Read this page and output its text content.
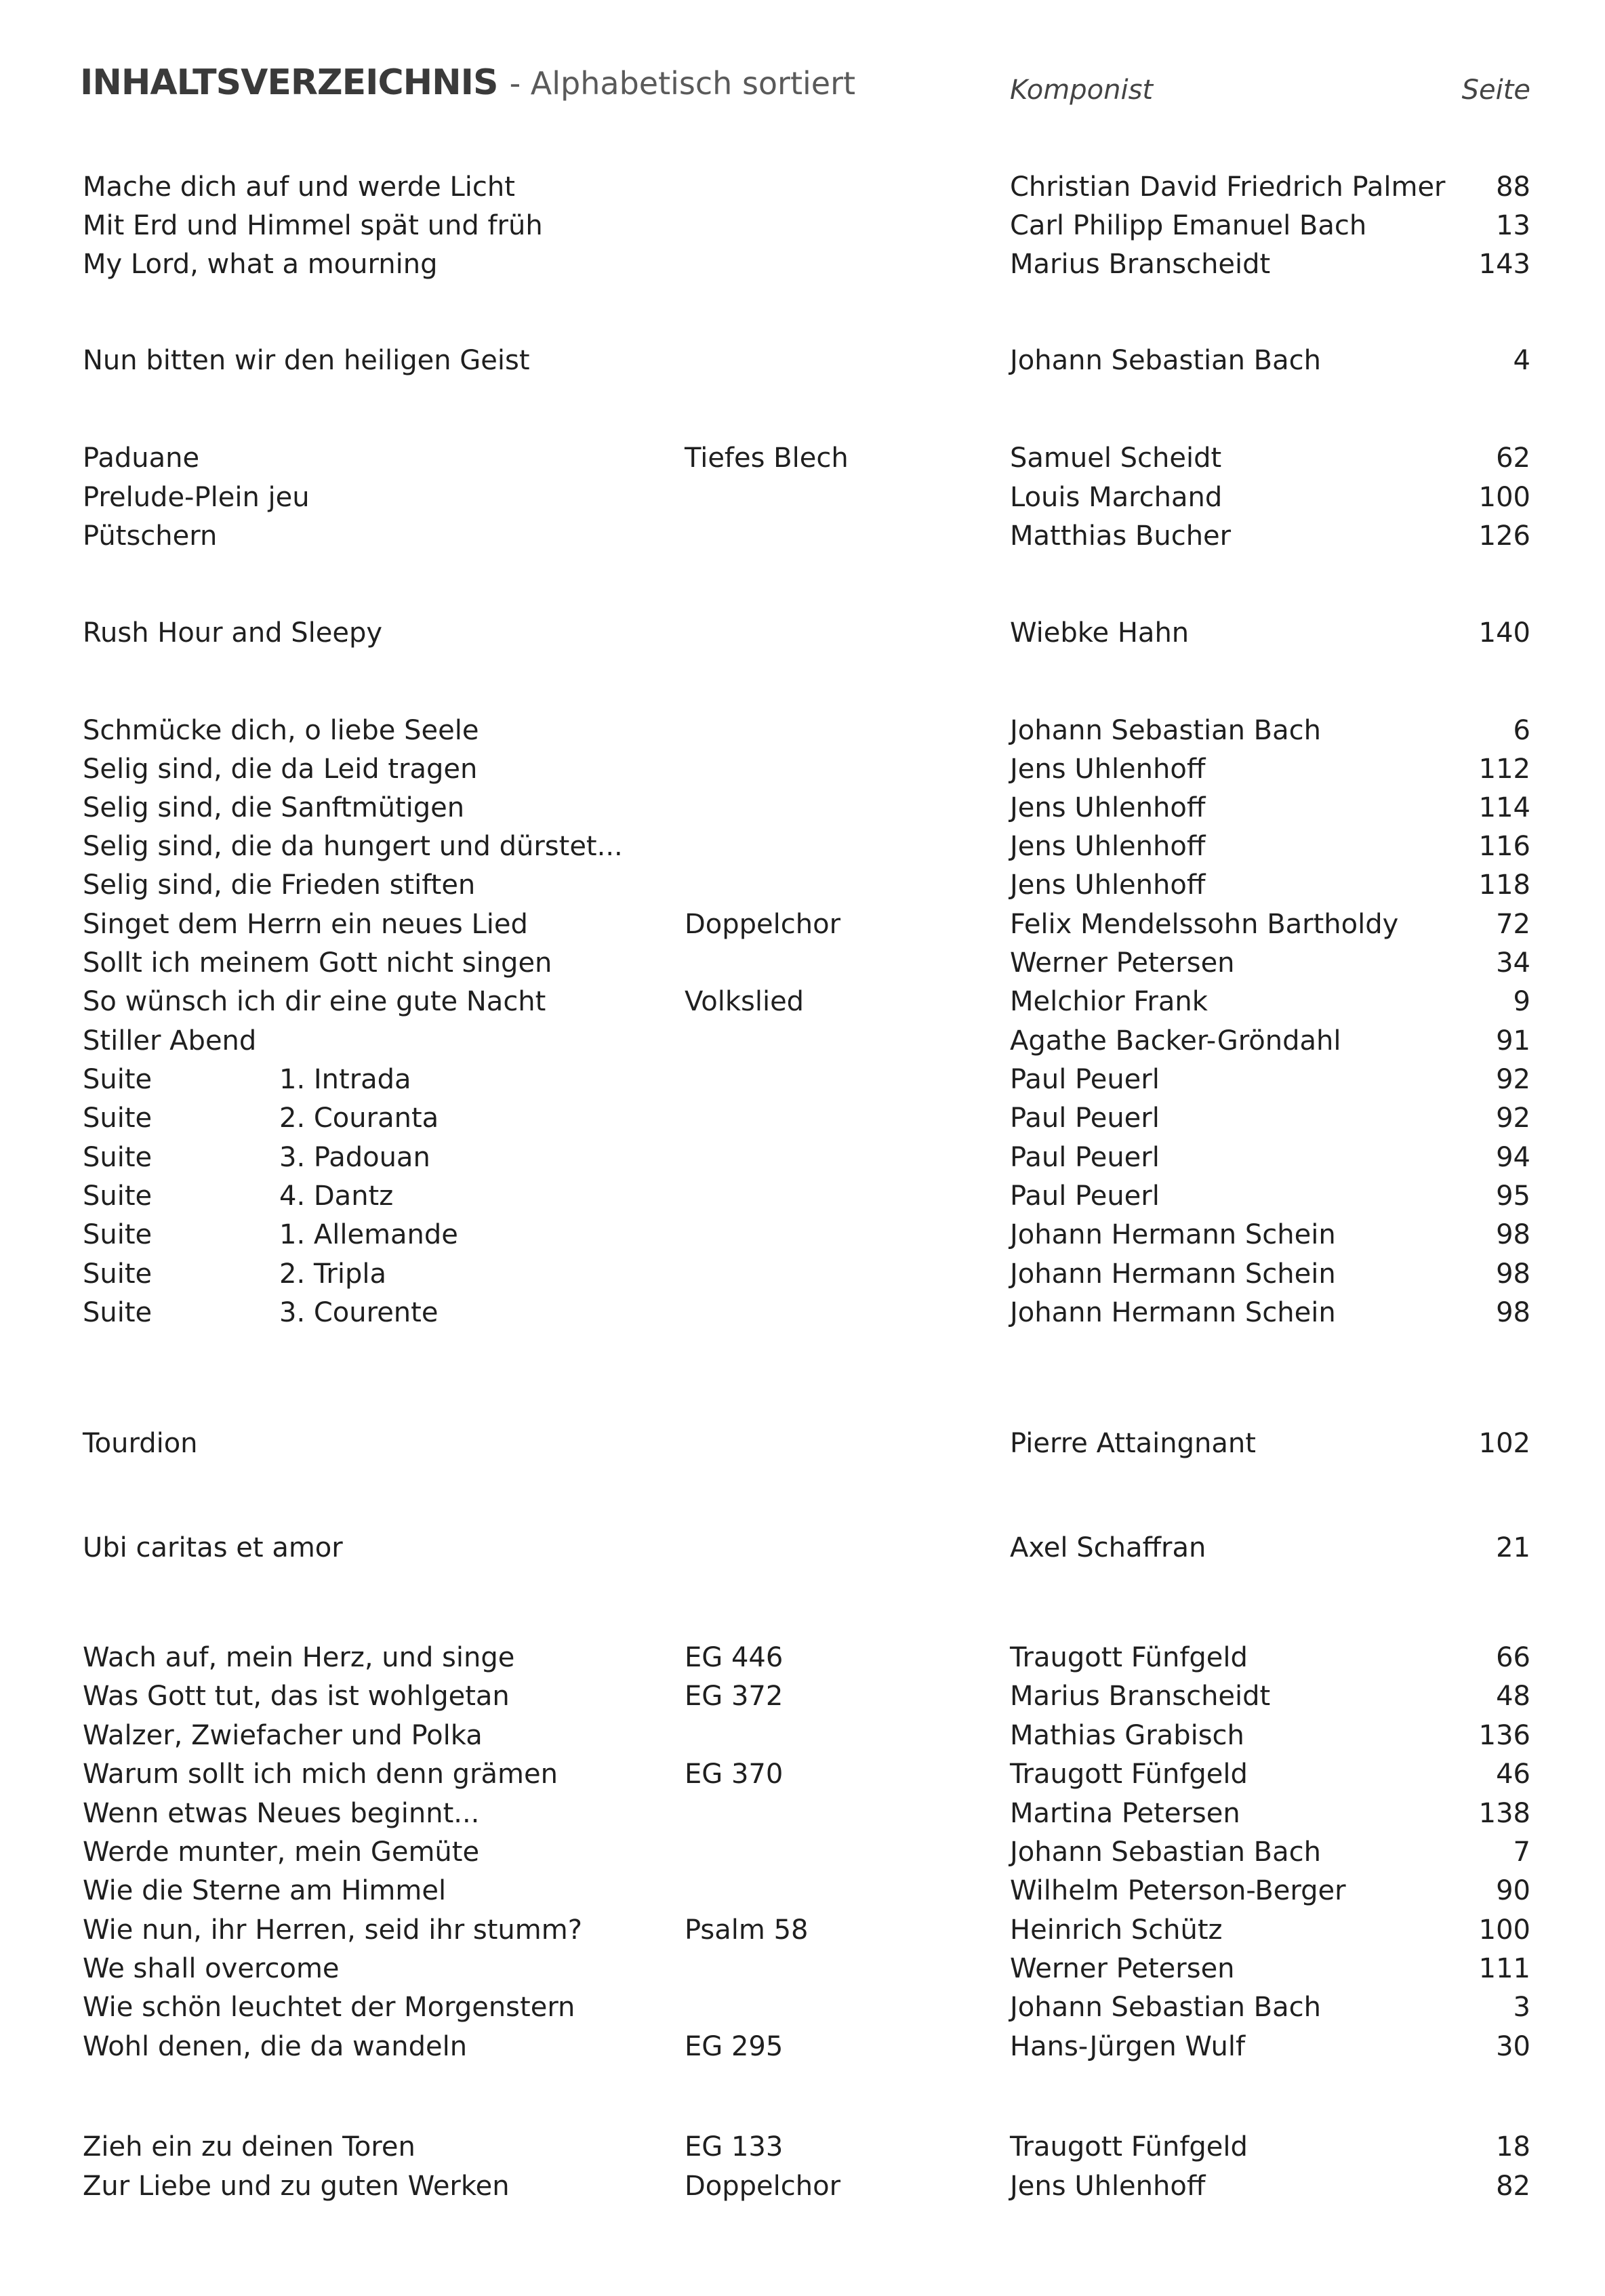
INHALTSVERZEICHNIS - Alphabetisch sortiert	Komponist	Seite
Mache dich auf und werde Licht	Christian David Friedrich Palmer 88
Mit Erd und Himmel spät und früh	Carl Philipp Emanuel Bach	13
My Lord, what a mourning	Marius Branscheidt	143
Nun bitten wir den heiligen Geist	Johann Sebastian Bach	4
Paduane	Tiefes Blech	Samuel Scheidt	62
Prelude-Plein jeu	Louis Marchand	100
Pütschern	Matthias Bucher	126
Rush Hour and Sleepy	Wiebke Hahn	140
Schmücke dich, o liebe Seele	Johann Sebastian Bach	6
Selig sind, die da Leid tragen	Jens Uhlenhoff	112
Selig sind, die Sanftmütigen	Jens Uhlenhoff	114
Selig sind, die da hungert und dürstet...	Jens Uhlenhoff	116
Selig sind, die Frieden stiften	Jens Uhlenhoff	118
Singet dem Herrn ein neues Lied	Doppelchor	Felix Mendelssohn Bartholdy	72
Sollt ich meinem Gott nicht singen	Werner Petersen	34
So wünsch ich dir eine gute Nacht	Volkslied	Melchior Frank	9
Stiller Abend	Agathe Backer-Gröndahl	91
Suite	1. Intrada	Paul Peuerl	92
Suite	2. Couranta	Paul Peuerl	92
Suite	3. Padouan	Paul Peuerl	94
Suite	4. Dantz	Paul Peuerl	95
Suite	1. Allemande	Johann Hermann Schein	98
Suite	2. Tripla	Johann Hermann Schein	98
Suite	3. Courente	Johann Hermann Schein	98
Tourdion	Pierre Attaingnant	102
Ubi caritas et amor	Axel Schaffran	21
Wach auf, mein Herz, und singe	EG 446	Traugott Fünfgeld	66
Was Gott tut, das ist wohlgetan	EG 372	Marius Branscheidt	48
Walzer, Zwiefacher und Polka	Mathias Grabisch	136
Warum sollt ich mich denn grämen	EG 370	Traugott Fünfgeld	46
Wenn etwas Neues beginnt...	Martina Petersen	138
Werde munter, mein Gemüte	Johann Sebastian Bach	7
Wie die Sterne am Himmel	Wilhelm Peterson-Berger	90
Wie nun, ihr Herren, seid ihr stumm?	Psalm 58	Heinrich Schütz	100
We shall overcome	Werner Petersen	111
Wie schön leuchtet der Morgenstern	Johann Sebastian Bach	3
Wohl denen, die da wandeln	EG 295	Hans-Jürgen Wulf	30
Zieh ein zu deinen Toren	EG 133	Traugott Fünfgeld	18
Zur Liebe und zu guten Werken	Doppelchor	Jens Uhlenhoff	82
